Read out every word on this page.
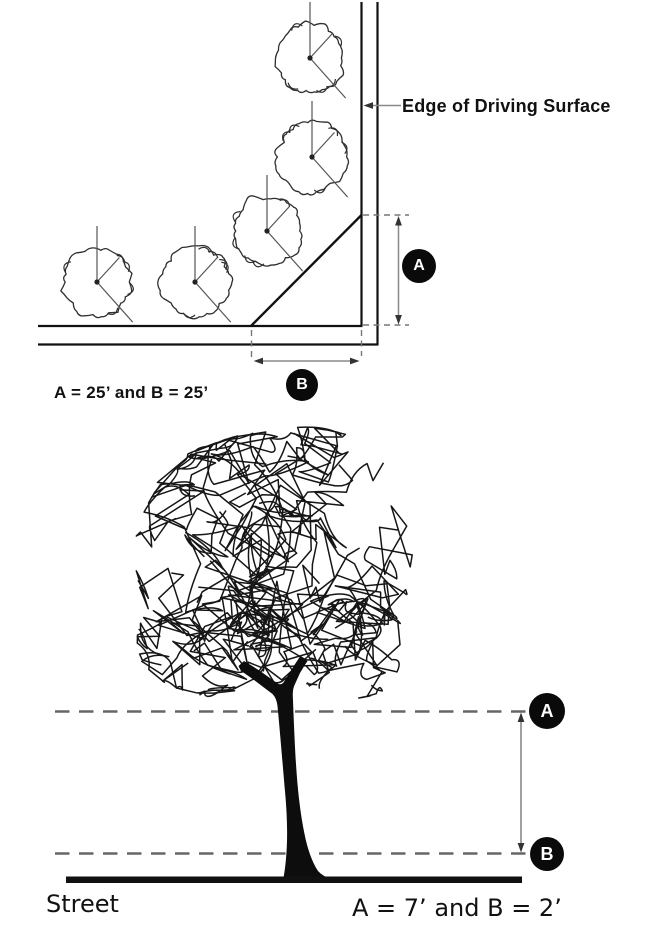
Edge of Driving Surface
A = 25’ and B = 25’
A
B
Street	A = 7’ and B = 2’
A
B
